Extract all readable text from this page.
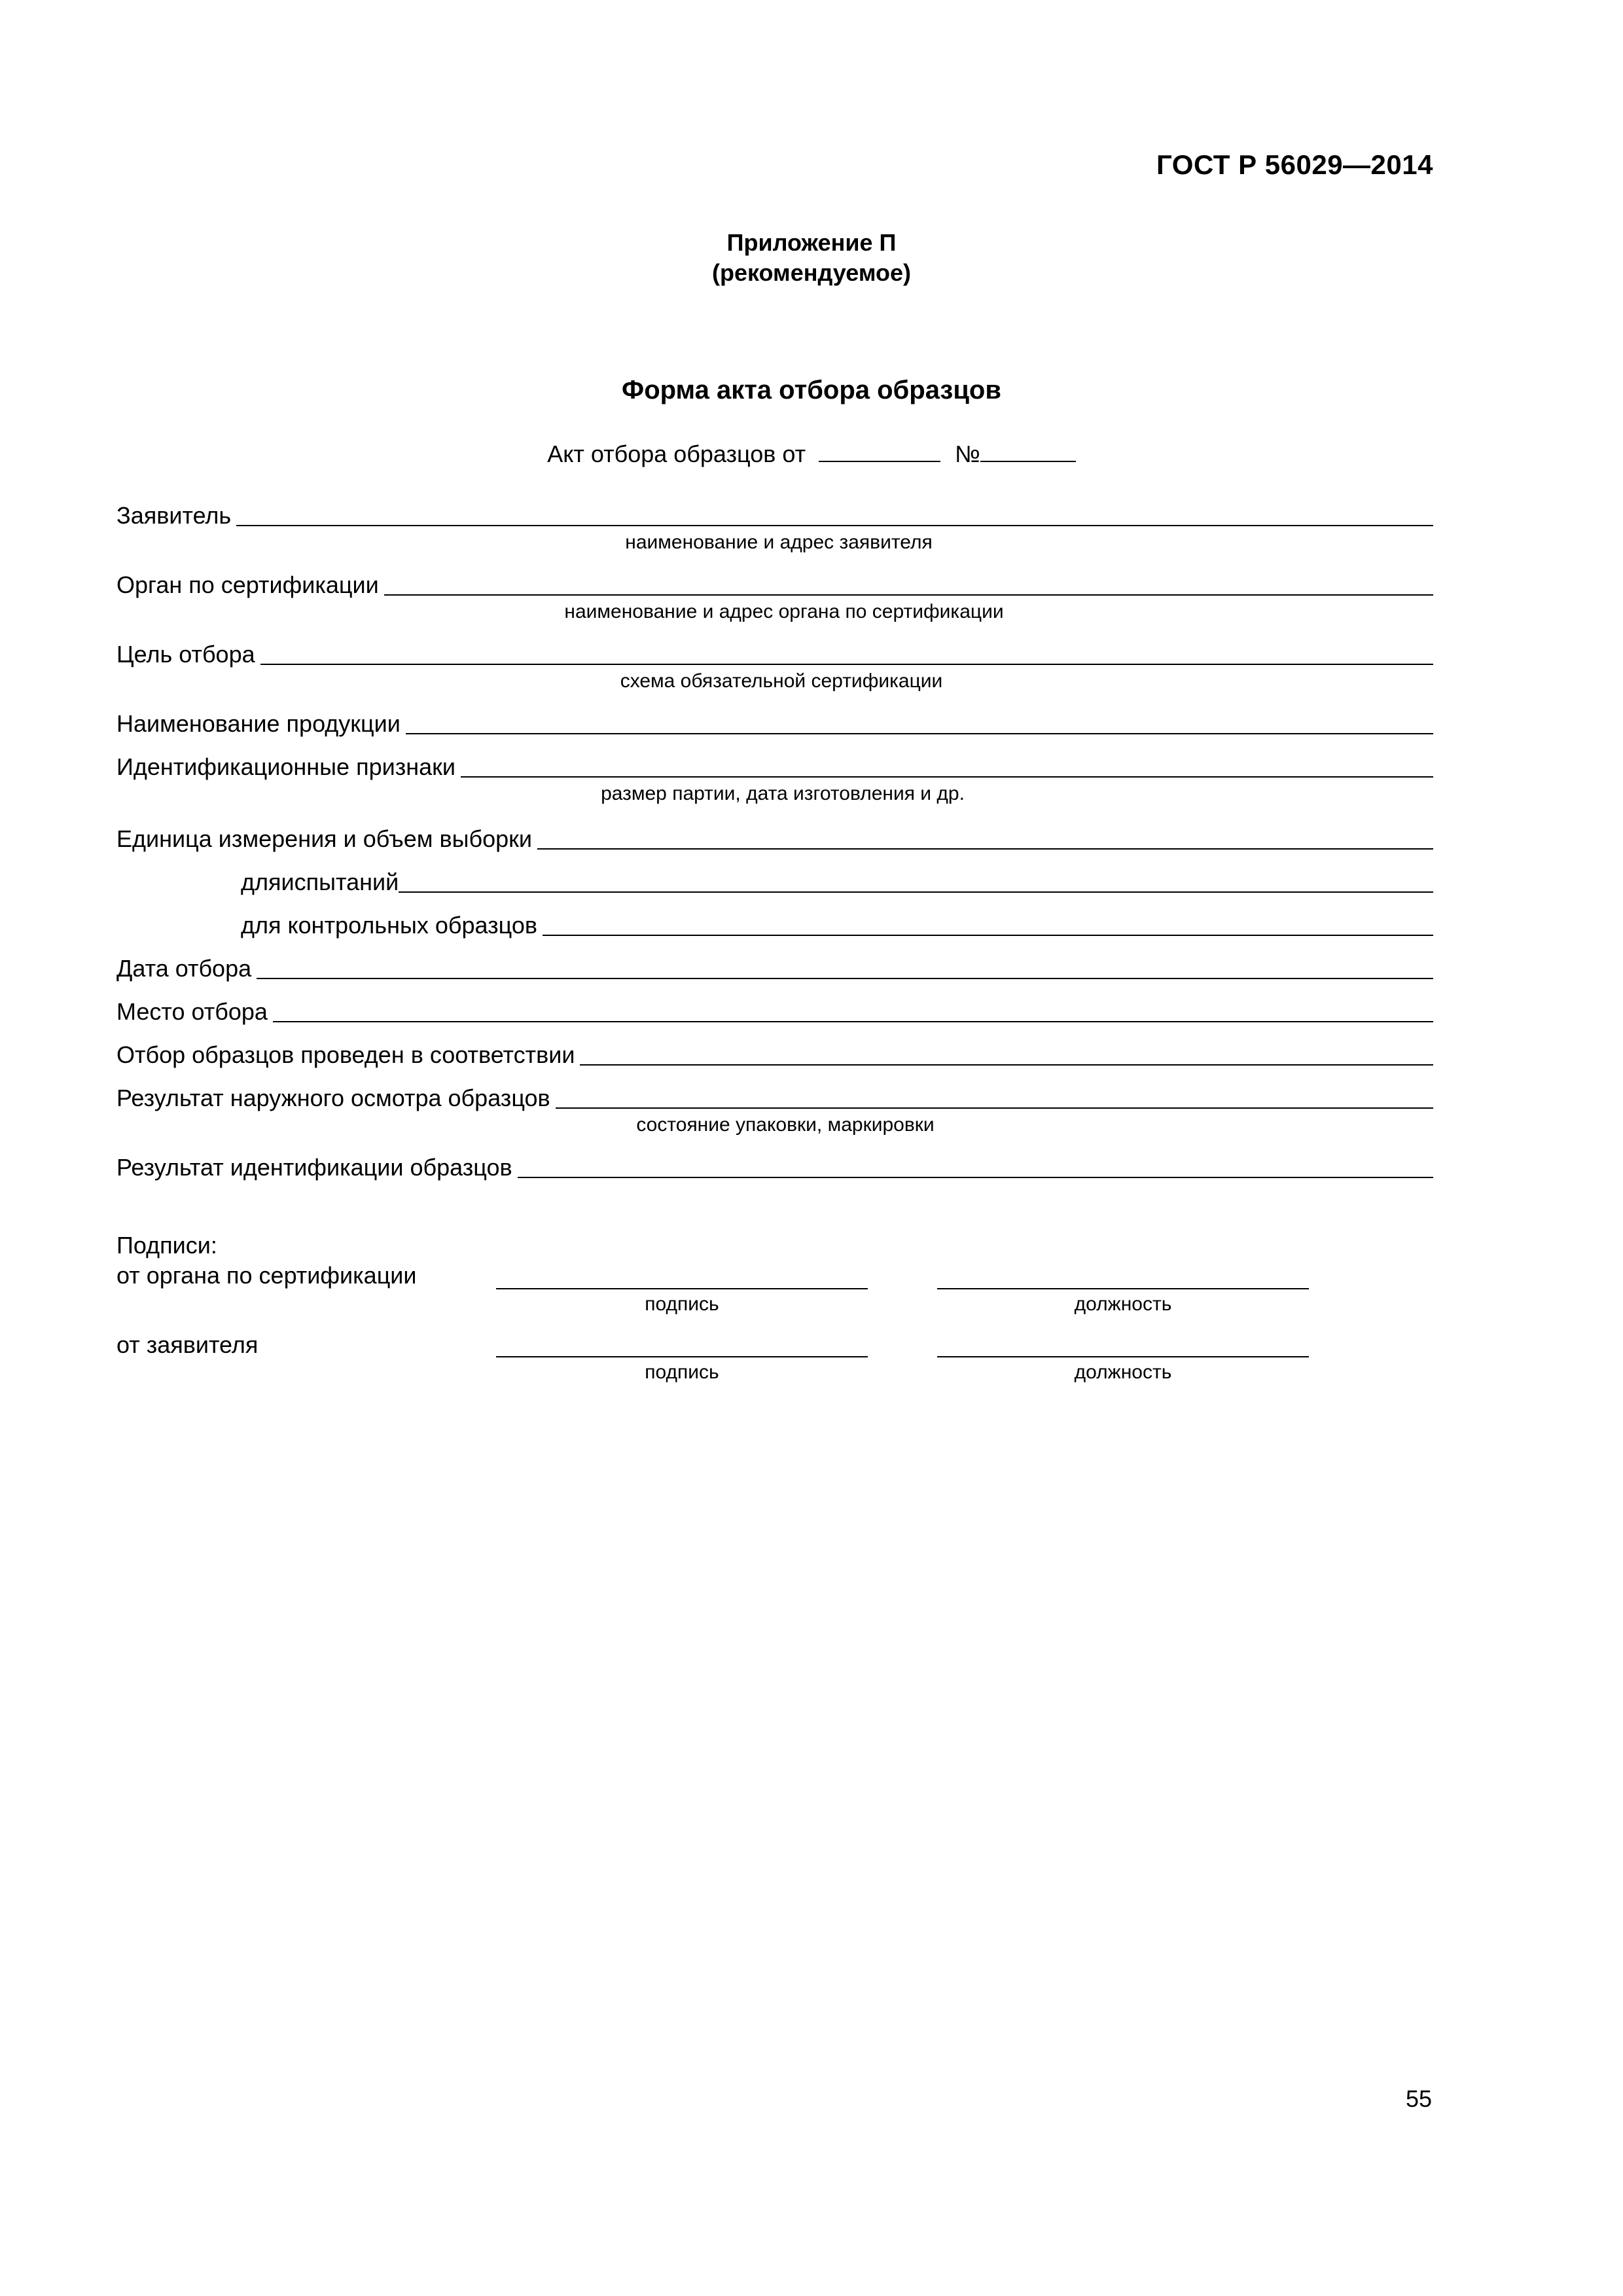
ГОСТ Р 56029—2014
Приложение П
(рекомендуемое)
Форма акта отбора образцов
Акт отбора образцов от	№
Заявитель
наименование и адрес заявителя
Орган по сертификации
наименование и адрес органа по сертификации
Цель отбора
схема обязательной сертификации
Наименование продукции
Идентификационные признаки
размер партии, дата изготовления и др.
Единица измерения и объем выборки
дляиспытаний
для контрольных образцов
Дата отбора
Место отбора
Отбор образцов проведен в соответствии
Результат наружного осмотра образцов
состояние упаковки, маркировки
Результат идентификации образцов
Подписи:
от органа по сертификации
подпись	должность
от заявителя
подпись	должность
55
